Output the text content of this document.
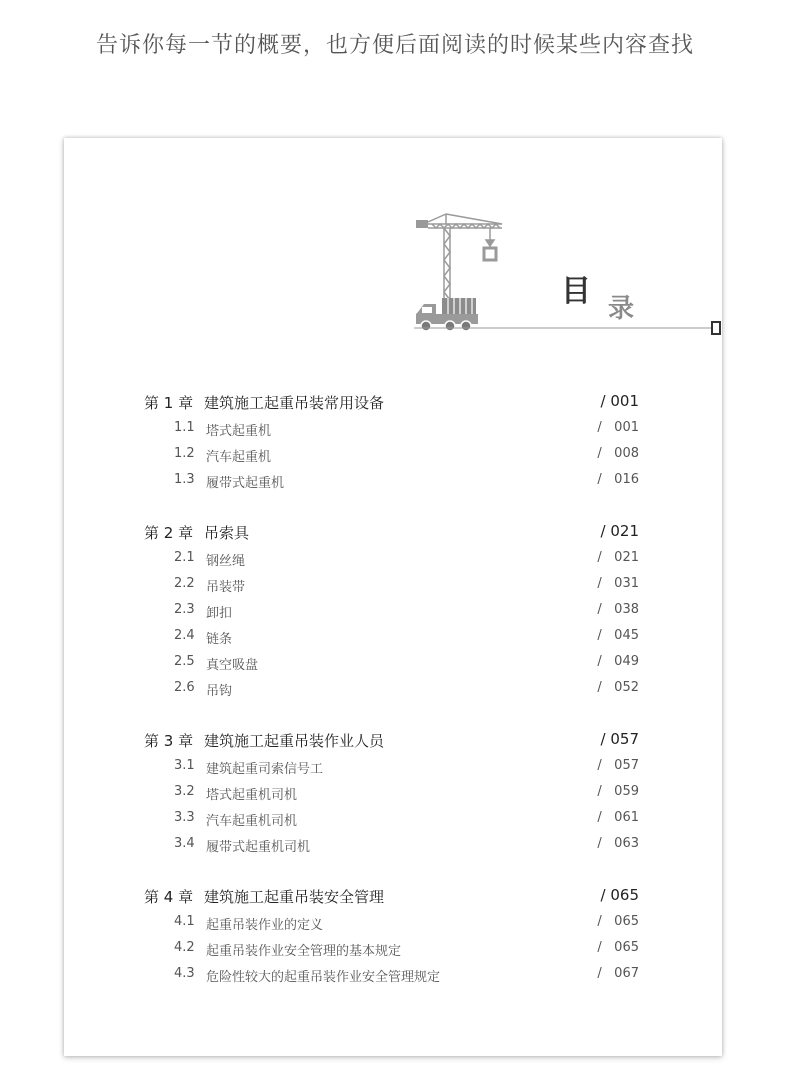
告诉你每一节的概要，也方便后面阅读的时候某些内容查找
目 录
第 1 章 建筑施工起重吊装常用设备	/ 001
1.1 塔式起重机	/   001
1.2 汽车起重机	/   008
1.3 履带式起重机	/   016
第 2 章 吊索具	/ 021
2.1 钢丝绳	/   021
2.2 吊装带	/   031
2.3 卸扣	/   038
2.4 链条	/   045
2.5 真空吸盘	/   049
2.6 吊钩	/   052
第 3 章 建筑施工起重吊装作业人员	/ 057
3.1 建筑起重司索信号工	/   057
3.2 塔式起重机司机	/   059
3.3 汽车起重机司机	/   061
3.4 履带式起重机司机	/   063
第 4 章 建筑施工起重吊装安全管理	/ 065
4.1 起重吊装作业的定义	/   065
4.2 起重吊装作业安全管理的基本规定	/   065
4.3 危险性较大的起重吊装作业安全管理规定	/   067
